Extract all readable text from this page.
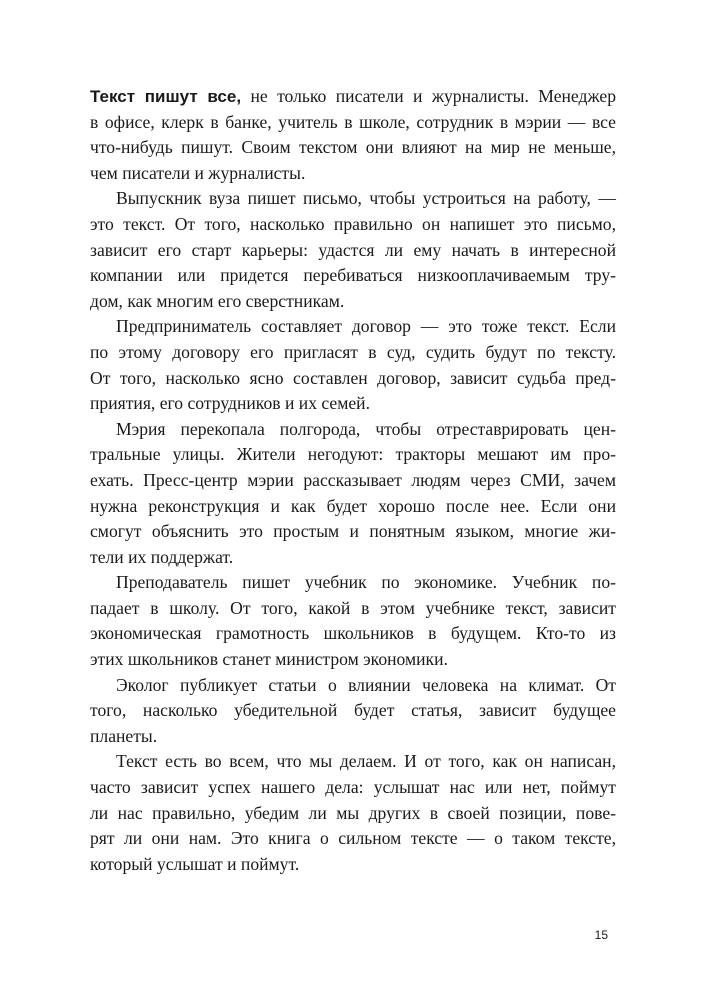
Текст пишут все, не только писатели и журналисты. Менеджер
в офисе, клерк в банке, учитель в школе, сотрудник в мэрии — все
что-нибудь пишут. Своим текстом они влияют на мир не меньше,
чем писатели и журналисты.
Выпускник вуза пишет письмо, чтобы устроиться на работу, —
это текст. От того, насколько правильно он напишет это письмо,
зависит его старт карьеры: удастся ли ему начать в интересной
компании или придется перебиваться низкооплачиваемым тру-
дом, как многим его сверстникам.
Предприниматель составляет договор — это тоже текст. Если
по этому договору его пригласят в суд, судить будут по тексту.
От того, насколько ясно составлен договор, зависит судьба пред-
приятия, его сотрудников и их семей.
Мэрия перекопала полгорода, чтобы отреставрировать цен-
тральные улицы. Жители негодуют: тракторы мешают им про-
ехать. Пресс-центр мэрии рассказывает людям через СМИ, зачем
нужна реконструкция и как будет хорошо после нее. Если они
смогут объяснить это простым и понятным языком, многие жи-
тели их поддержат.
Преподаватель пишет учебник по экономике. Учебник по-
падает в школу. От того, какой в этом учебнике текст, зависит
экономическая грамотность школьников в будущем. Кто-то из
этих школьников станет министром экономики.
Эколог публикует статьи о влиянии человека на климат. От
того, насколько убедительной будет статья, зависит будущее
планеты.
Текст есть во всем, что мы делаем. И от того, как он написан,
часто зависит успех нашего дела: услышат нас или нет, поймут
ли нас правильно, убедим ли мы других в своей позиции, пове-
рят ли они нам. Это книга о сильном тексте — о таком тексте,
который услышат и поймут.
15
